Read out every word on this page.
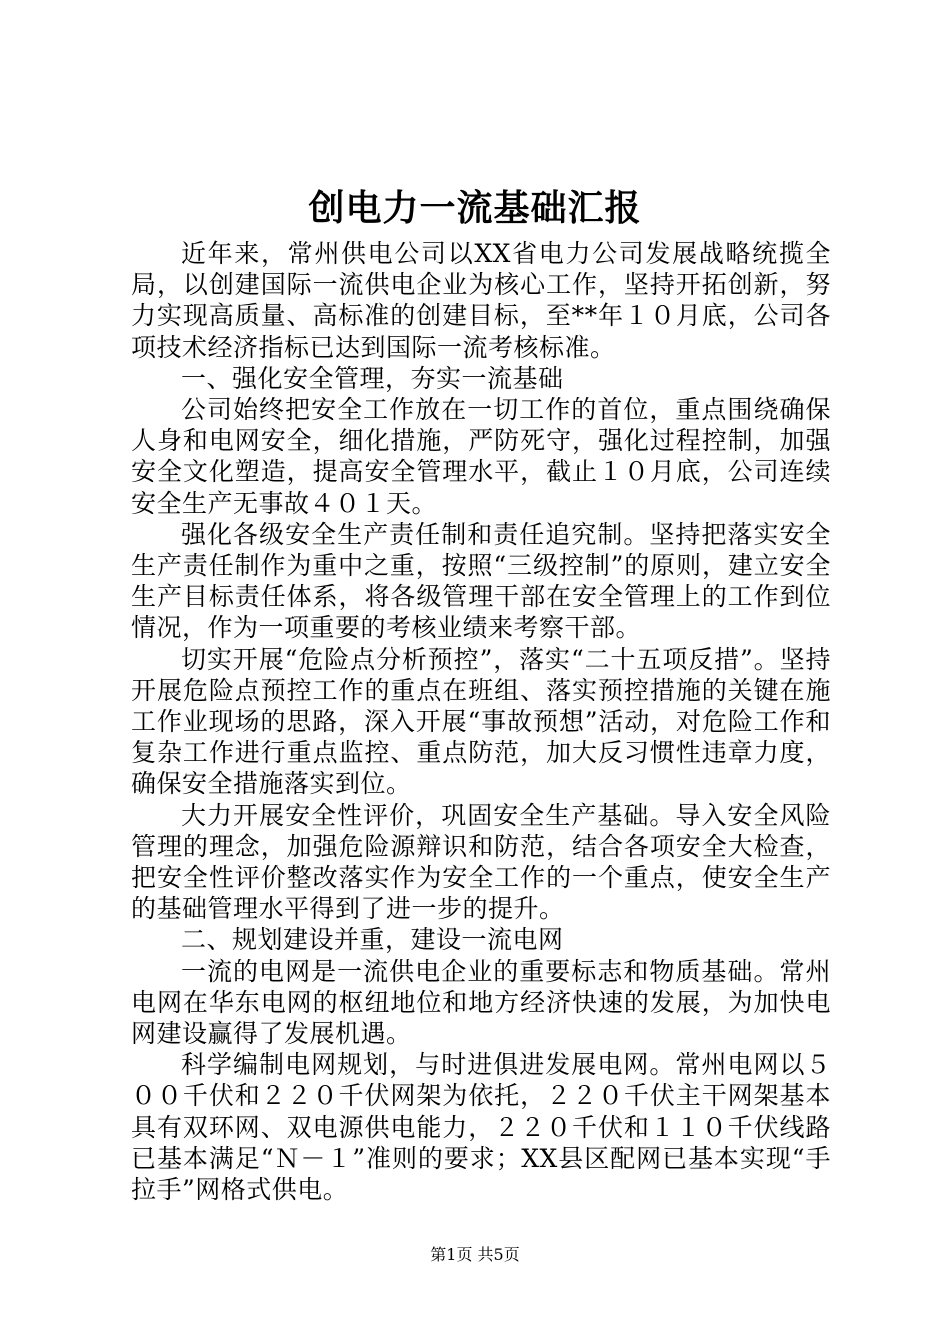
创电力一流基础汇报

近年来，常州供电公司以XX省电力公司发展战略统揽全局，以创建国际一流供电企业为核心工作，坚持开拓创新，努力实现高质量、高标准的创建目标，至**年１０月底，公司各项技术经济指标已达到国际一流考核标准。

一、强化安全管理，夯实一流基础

公司始终把安全工作放在一切工作的首位，重点围绕确保人身和电网安全，细化措施，严防死守，强化过程控制，加强安全文化塑造，提高安全管理水平，截止１０月底，公司连续安全生产无事故４０１天。

强化各级安全生产责任制和责任追究制。坚持把落实安全生产责任制作为重中之重，按照“三级控制”的原则，建立安全生产目标责任体系，将各级管理干部在安全管理上的工作到位情况，作为一项重要的考核业绩来考察干部。

切实开展“危险点分析预控”，落实“二十五项反措”。坚持开展危险点预控工作的重点在班组、落实预控措施的关键在施工作业现场的思路，深入开展“事故预想”活动，对危险工作和复杂工作进行重点监控、重点防范，加大反习惯性违章力度，确保安全措施落实到位。

大力开展安全性评价，巩固安全生产基础。导入安全风险管理的理念，加强危险源辩识和防范，结合各项安全大检查，把安全性评价整改落实作为安全工作的一个重点，使安全生产的基础管理水平得到了进一步的提升。

二、规划建设并重，建设一流电网

一流的电网是一流供电企业的重要标志和物质基础。常州电网在华东电网的枢纽地位和地方经济快速的发展，为加快电网建设赢得了发展机遇。

科学编制电网规划，与时进俱进发展电网。常州电网以５００千伏和２２０千伏网架为依托，２２０千伏主干网架基本具有双环网、双电源供电能力，２２０千伏和１１０千伏线路已基本满足“Ｎ－１”准则的要求；XX县区配网已基本实现“手拉手”网格式供电。

第1页 共5页
